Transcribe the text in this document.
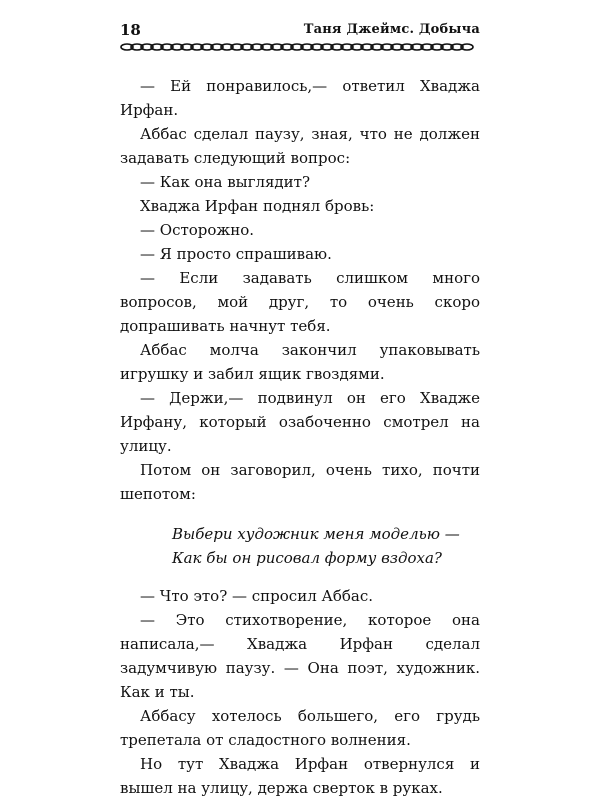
18	Таня Джеймс. Добыча

— Ей понравилось,— ответил Хваджа Ирфан.

Аббас сделал паузу, зная, что не должен задавать следующий вопрос:

— Как она выглядит?

Хваджа Ирфан поднял бровь:

— Осторожно.

— Я просто спрашиваю.

— Если задавать слишком много вопросов, мой друг, то очень скоро допрашивать начнут тебя.

Аббас молча закончил упаковывать игрушку и забил ящик гвоздями.

— Держи,— подвинул он его Хвадже Ирфану, который озабоченно смотрел на улицу.

Потом он заговорил, очень тихо, почти шепотом:

Выбери художник меня моделью —
Как бы он рисовал форму вздоха?

— Что это? — спросил Аббас.

— Это стихотворение, которое она написала,— Хваджа Ирфан сделал задумчивую паузу. — Она поэт, художник. Как и ты.

Аббасу хотелось большего, его грудь трепетала от сладостного волнения.

Но тут Хваджа Ирфан отвернулся и вышел на улицу, держа сверток в руках.
